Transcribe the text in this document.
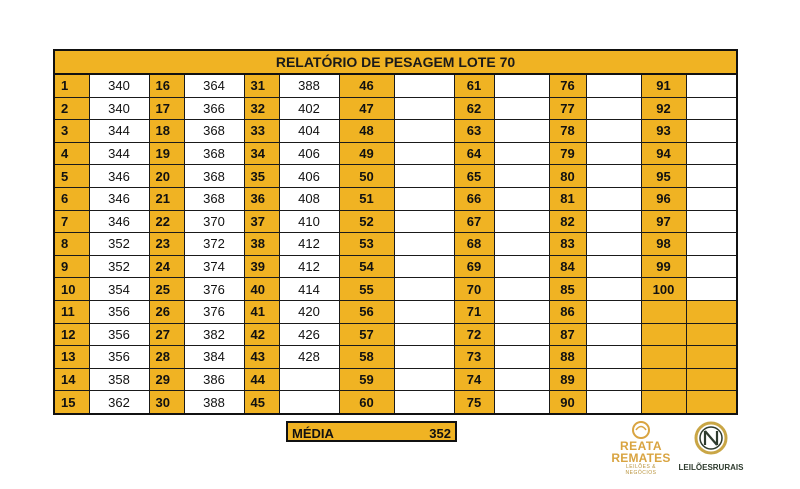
RELATÓRIO DE PESAGEM LOTE 70													
1	340	16	364	31	388	46		61		76		91	
2	340	17	366	32	402	47		62		77		92	
3	344	18	368	33	404	48		63		78		93	
4	344	19	368	34	406	49		64		79		94	
5	346	20	368	35	406	50		65		80		95	
6	346	21	368	36	408	51		66		81		96	
7	346	22	370	37	410	52		67		82		97	
8	352	23	372	38	412	53		68		83		98	
9	352	24	374	39	412	54		69		84		99	
10	354	25	376	40	414	55		70		85		100	
11	356	26	376	41	420	56		71		86			
12	356	27	382	42	426	57		72		87			
13	356	28	384	43	428	58		73		88			
14	358	29	386	44		59		74		89			
15	362	30	388	45		60		75		90			
MÉDIA	352
REATA
REMATES
LEILÕES & NEGÓCIOS
LEILÕESRURAIS
